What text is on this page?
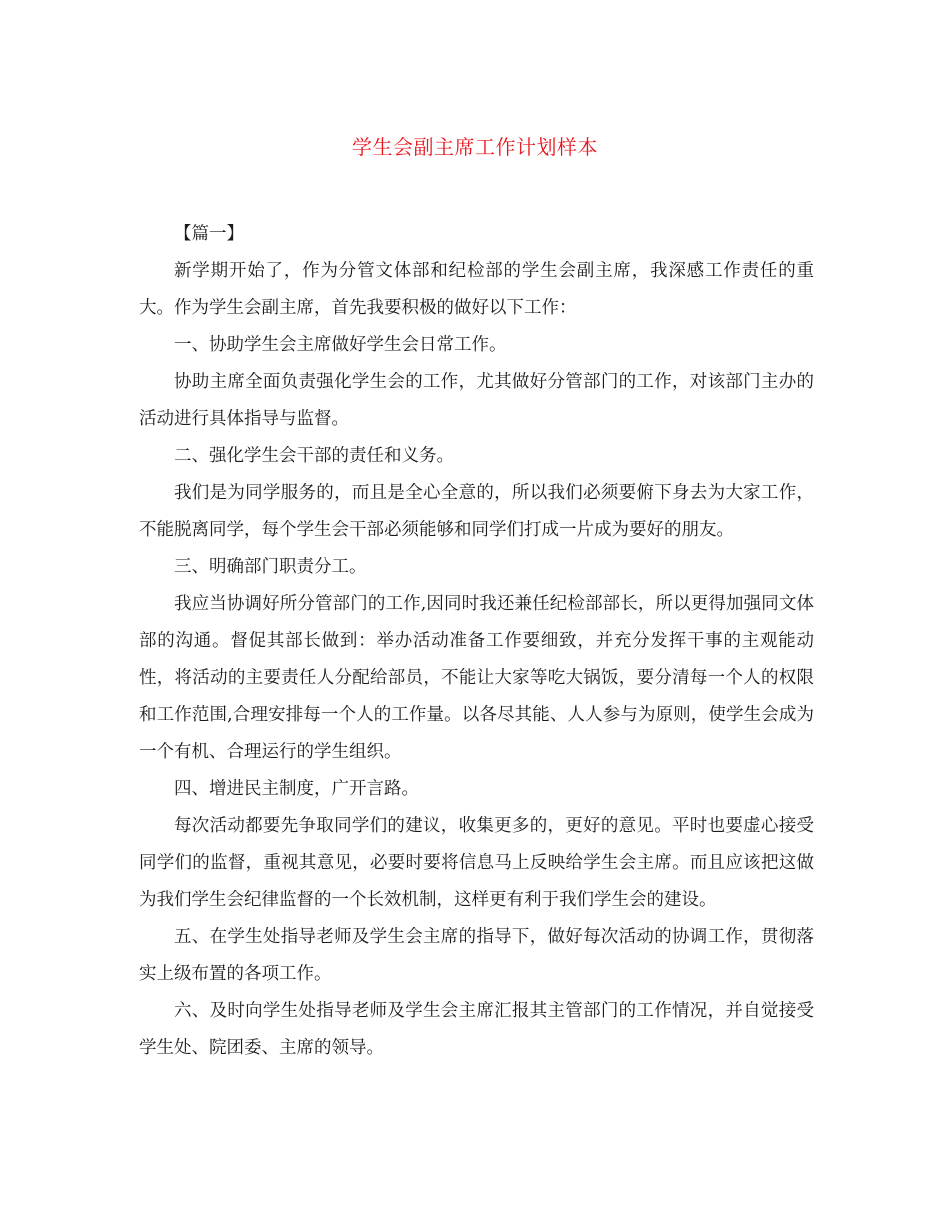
学生会副主席工作计划样本

【篇一】

新学期开始了，作为分管文体部和纪检部的学生会副主席，我深感工作责任的重大。作为学生会副主席，首先我要积极的做好以下工作：

一、协助学生会主席做好学生会日常工作。

协助主席全面负责强化学生会的工作，尤其做好分管部门的工作，对该部门主办的活动进行具体指导与监督。

二、强化学生会干部的责任和义务。

我们是为同学服务的，而且是全心全意的，所以我们必须要俯下身去为大家工作，不能脱离同学，每个学生会干部必须能够和同学们打成一片成为要好的朋友。

三、明确部门职责分工。

我应当协调好所分管部门的工作,因同时我还兼任纪检部部长，所以更得加强同文体部的沟通。督促其部长做到：举办活动准备工作要细致，并充分发挥干事的主观能动性，将活动的主要责任人分配给部员，不能让大家等吃大锅饭，要分清每一个人的权限和工作范围,合理安排每一个人的工作量。以各尽其能、人人参与为原则，使学生会成为一个有机、合理运行的学生组织。

四、增进民主制度，广开言路。

每次活动都要先争取同学们的建议，收集更多的，更好的意见。平时也要虚心接受同学们的监督，重视其意见，必要时要将信息马上反映给学生会主席。而且应该把这做为我们学生会纪律监督的一个长效机制，这样更有利于我们学生会的建设。

五、在学生处指导老师及学生会主席的指导下，做好每次活动的协调工作，贯彻落实上级布置的各项工作。

六、及时向学生处指导老师及学生会主席汇报其主管部门的工作情况，并自觉接受学生处、院团委、主席的领导。
